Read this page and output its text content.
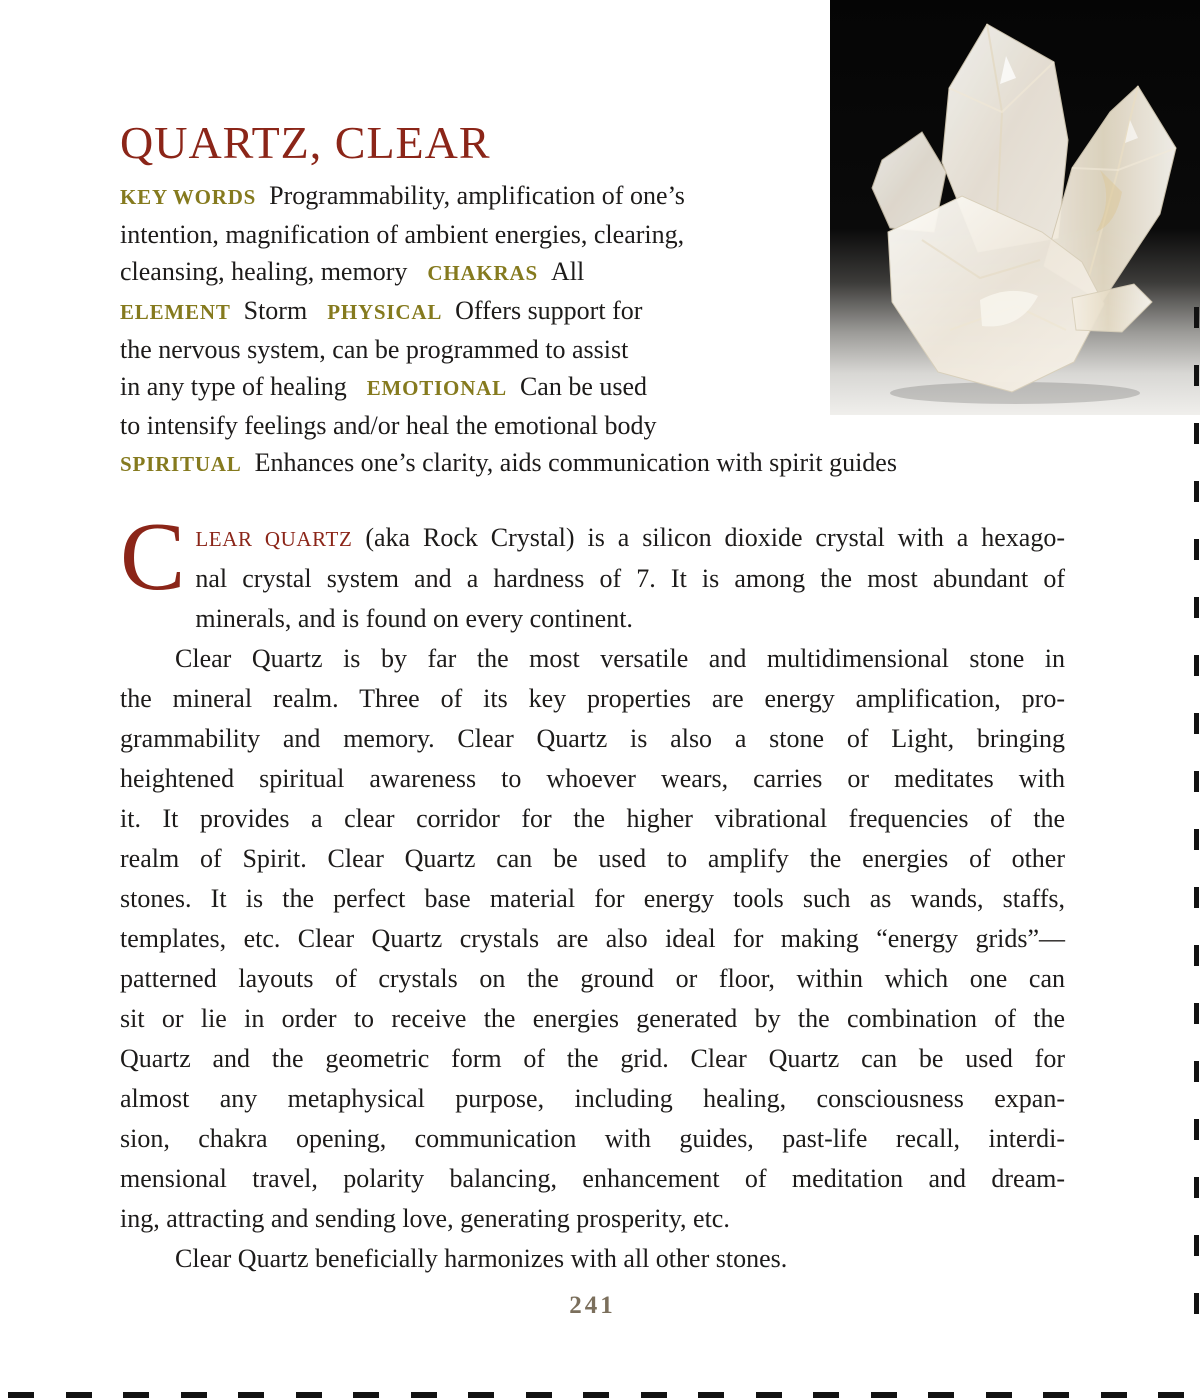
QUARTZ, CLEAR
KEY WORDS Programmability, amplification of one’s
intention, magnification of ambient energies, clearing,
cleansing, healing, memory CHAKRAS All
ELEMENT Storm PHYSICAL Offers support for
the nervous system, can be programmed to assist
in any type of healing EMOTIONAL Can be used
to intensify feelings and/or heal the emotional body
SPIRITUAL Enhances one’s clarity, aids communication with spirit guides
C LEAR QUARTZ (aka Rock Crystal) is a silicon dioxide crystal with a hexago-
nal crystal system and a hardness of 7. It is among the most abundant of
minerals, and is found on every continent.
Clear Quartz is by far the most versatile and multidimensional stone in
the mineral realm. Three of its key properties are energy amplification, pro-
grammability and memory. Clear Quartz is also a stone of Light, bringing
heightened spiritual awareness to whoever wears, carries or meditates with
it. It provides a clear corridor for the higher vibrational frequencies of the
realm of Spirit. Clear Quartz can be used to amplify the energies of other
stones. It is the perfect base material for energy tools such as wands, staffs,
templates, etc. Clear Quartz crystals are also ideal for making “energy grids”—
patterned layouts of crystals on the ground or floor, within which one can
sit or lie in order to receive the energies generated by the combination of the
Quartz and the geometric form of the grid. Clear Quartz can be used for
almost any metaphysical purpose, including healing, consciousness expan-
sion, chakra opening, communication with guides, past-life recall, interdi-
mensional travel, polarity balancing, enhancement of meditation and dream-
ing, attracting and sending love, generating prosperity, etc.
Clear Quartz beneficially harmonizes with all other stones.
241
